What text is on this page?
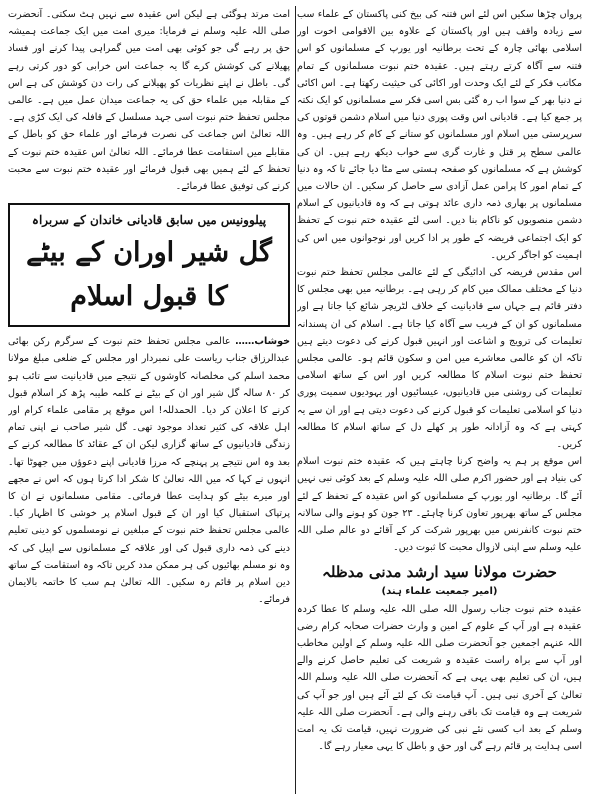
پرواں چڑھا سکیں اس لئے اس فتنہ کی بیخ کنی پاکستان کے علماء سب سے زیادہ واقف ہیں اور پاکستان کے علاوہ بین الاقوامی اخوت اور اسلامی بھائی چارہ کے تحت برطانیہ اور یورپ کے مسلمانوں کو اس فتنہ سے آگاہ کرتے رہتے ہیں۔ عقیدہ ختم نبوت مسلمانوں کے تمام مکاتب فکر کے لئے ایک وحدت اور اکائی کی حیثیت رکھتا ہے۔ اس اکائی نے دنیا بھر کے سوا اب رہ گئی بس اسی فکر سے مسلمانوں کو ایک نکتہ پر جمع کیا ہے۔ قادیانی اس وقت پوری دنیا میں اسلام دشمن قوتوں کی سرپرستی میں اسلام اور مسلمانوں کو ستانے کے کام کر رہے ہیں۔ وہ عالمی سطح پر قتل و غارت گری سے خواب دیکھ رہے ہیں۔ ان کی کوشش ہے کہ مسلمانوں کو صفحہ ہستی سے مٹا دیا جائے تا کہ وہ دنیا کے تمام امور کا پرامن عمل آزادی سے حاصل کر سکیں۔ ان حالات میں مسلمانوں پر بھاری ذمہ داری عائد ہوتی ہے کہ وہ قادیانیوں کے اسلام دشمن منصوبوں کو ناکام بنا دیں۔ اسی لئے عقیدہ ختم نبوت کے تحفظ کو ایک اجتماعی فریضہ کے طور پر ادا کریں اور نوجوانوں میں اس کی اہمیت کو اجاگر کریں۔

اس مقدس فریضہ کی ادائیگی کے لئے عالمی مجلس تحفظ ختم نبوت دنیا کے مختلف ممالک میں کام کر رہی ہے۔ برطانیہ میں بھی مجلس کا دفتر قائم ہے جہاں سے قادیانیت کے خلاف لٹریچر شائع کیا جاتا ہے اور مسلمانوں کو ان کے فریب سے آگاہ کیا جاتا ہے۔ اسلام کی ان پسندانہ تعلیمات کی ترویج و اشاعت اور انہیں قبول کرنے کی دعوت دیتے ہیں تاکہ ان کو عالمی معاشرے میں امن و سکون قائم ہو۔ عالمی مجلس تحفظ ختم نبوت اسلام کا مطالعہ کریں اور اس کے ساتھ اسلامی تعلیمات کی روشنی میں قادیانیوں، عیسائیوں اور یہودیوں سمیت پوری دنیا کو اسلامی تعلیمات کو قبول کرنے کی دعوت دیتی ہے اور ان سے یہ کہتی ہے کہ وہ آزادانہ طور پر کھلے دل کے ساتھ اسلام کا مطالعہ کریں۔

اس موقع پر ہم یہ واضح کرنا چاہتے ہیں کہ عقیدہ ختم نبوت اسلام کی بنیاد ہے اور حضور اکرم صلی اللہ علیہ وسلم کے بعد کوئی نبی نہیں آئے گا۔ برطانیہ اور یورپ کے مسلمانوں کو اس عقیدہ کے تحفظ کے لئے مجلس کے ساتھ بھرپور تعاون کرنا چاہئے۔ ۲۳ جون کو ہونے والی سالانہ ختم نبوت کانفرنس میں بھرپور شرکت کر کے آقائے دو عالم صلی اللہ علیہ وسلم سے اپنی لازوال محبت کا ثبوت دیں۔

حضرت مولانا سید ارشد مدنی مدظلہ
(امیر جمعیت علماء ہند)

عقیدہ ختم نبوت جناب رسول اللہ صلی اللہ علیہ وسلم کا عطا کردہ عقیدہ ہے اور آپ کے علوم کے امین و وارث حضرات صحابہ کرام رضی اللہ عنہم اجمعین جو آنحضرت صلی اللہ علیہ وسلم کے اولین مخاطب اور آپ سے براہ راست عقیدہ و شریعت کی تعلیم حاصل کرنے والے ہیں، ان کی تعلیم بھی یہی ہے کہ آنحضرت صلی اللہ علیہ وسلم اللہ تعالیٰ کے آخری نبی ہیں۔ آپ قیامت تک کے لئے آئے ہیں اور جو آپ کی شریعت ہے وہ قیامت تک باقی رہنے والی ہے۔ آنحضرت صلی اللہ علیہ وسلم کے بعد اب کسی نئے نبی کی ضرورت نہیں، قیامت تک یہ امت اسی ہدایت پر قائم رہے گی اور حق و باطل کا یہی معیار رہے گا۔

امت مرتد ہوگئی ہے لیکن اس عقیدہ سے نہیں ہٹ سکتی۔ آنحضرت صلی اللہ علیہ وسلم نے فرمایا: میری امت میں ایک جماعت ہمیشہ حق پر رہے گی جو کوئی بھی امت میں گمراہی پیدا کرنے اور فساد پھیلانے کی کوشش کرے گا یہ جماعت اس خرابی کو دور کرتی رہے گی۔ باطل نے اپنے نظریات کو پھیلانے کی رات دن کوشش کی ہے اس کے مقابلہ میں علماء حق کی یہ جماعت میدان عمل میں ہے۔ عالمی مجلس تحفظ ختم نبوت اسی جہد مسلسل کے قافلہ کی ایک کڑی ہے۔ اللہ تعالیٰ اس جماعت کی نصرت فرمائے اور علماء حق کو باطل کے مقابلے میں استقامت عطا فرمائے۔ اللہ تعالیٰ اس عقیدہ ختم نبوت کے تحفظ کے لئے ہمیں بھی قبول فرمائے اور عقیدہ ختم نبوت سے محبت کرنے کی توفیق عطا فرمائے۔

پیلوونیس میں سابق قادیانی خاندان کے سربراہ
گل شیر اوران کے بیٹے کا قبول اسلام

خوشاب…… عالمی مجلس تحفظ ختم نبوت کے سرگرم رکن بھائی عبدالرزاق جناب ریاست علی نمبردار اور مجلس کے ضلعی مبلغ مولانا محمد اسلم کی مخلصانہ کاوشوں کے نتیجے میں قادیانیت سے تائب ہو کر ۸۰ سالہ گل شیر اور ان کے بیٹے نے کلمہ طیبہ پڑھ کر اسلام قبول کرنے کا اعلان کر دیا۔ الحمدللہ! اس موقع پر مقامی علماء کرام اور اہل علاقہ کی کثیر تعداد موجود تھی۔ گل شیر صاحب نے اپنی تمام زندگی قادیانیوں کے ساتھ گزاری لیکن ان کے عقائد کا مطالعہ کرنے کے بعد وہ اس نتیجے پر پہنچے کہ مرزا قادیانی اپنے دعوؤں میں جھوٹا تھا۔ انہوں نے کہا کہ میں اللہ تعالیٰ کا شکر ادا کرتا ہوں کہ اس نے مجھے اور میرے بیٹے کو ہدایت عطا فرمائی۔ مقامی مسلمانوں نے ان کا پرتپاک استقبال کیا اور ان کے قبول اسلام پر خوشی کا اظہار کیا۔ عالمی مجلس تحفظ ختم نبوت کے مبلغین نے نومسلموں کو دینی تعلیم دینے کی ذمہ داری قبول کی اور علاقہ کے مسلمانوں سے اپیل کی کہ وہ نو مسلم بھائیوں کی ہر ممکن مدد کریں تاکہ وہ استقامت کے ساتھ دین اسلام پر قائم رہ سکیں۔ اللہ تعالیٰ ہم سب کا خاتمہ بالایمان فرمائے۔
